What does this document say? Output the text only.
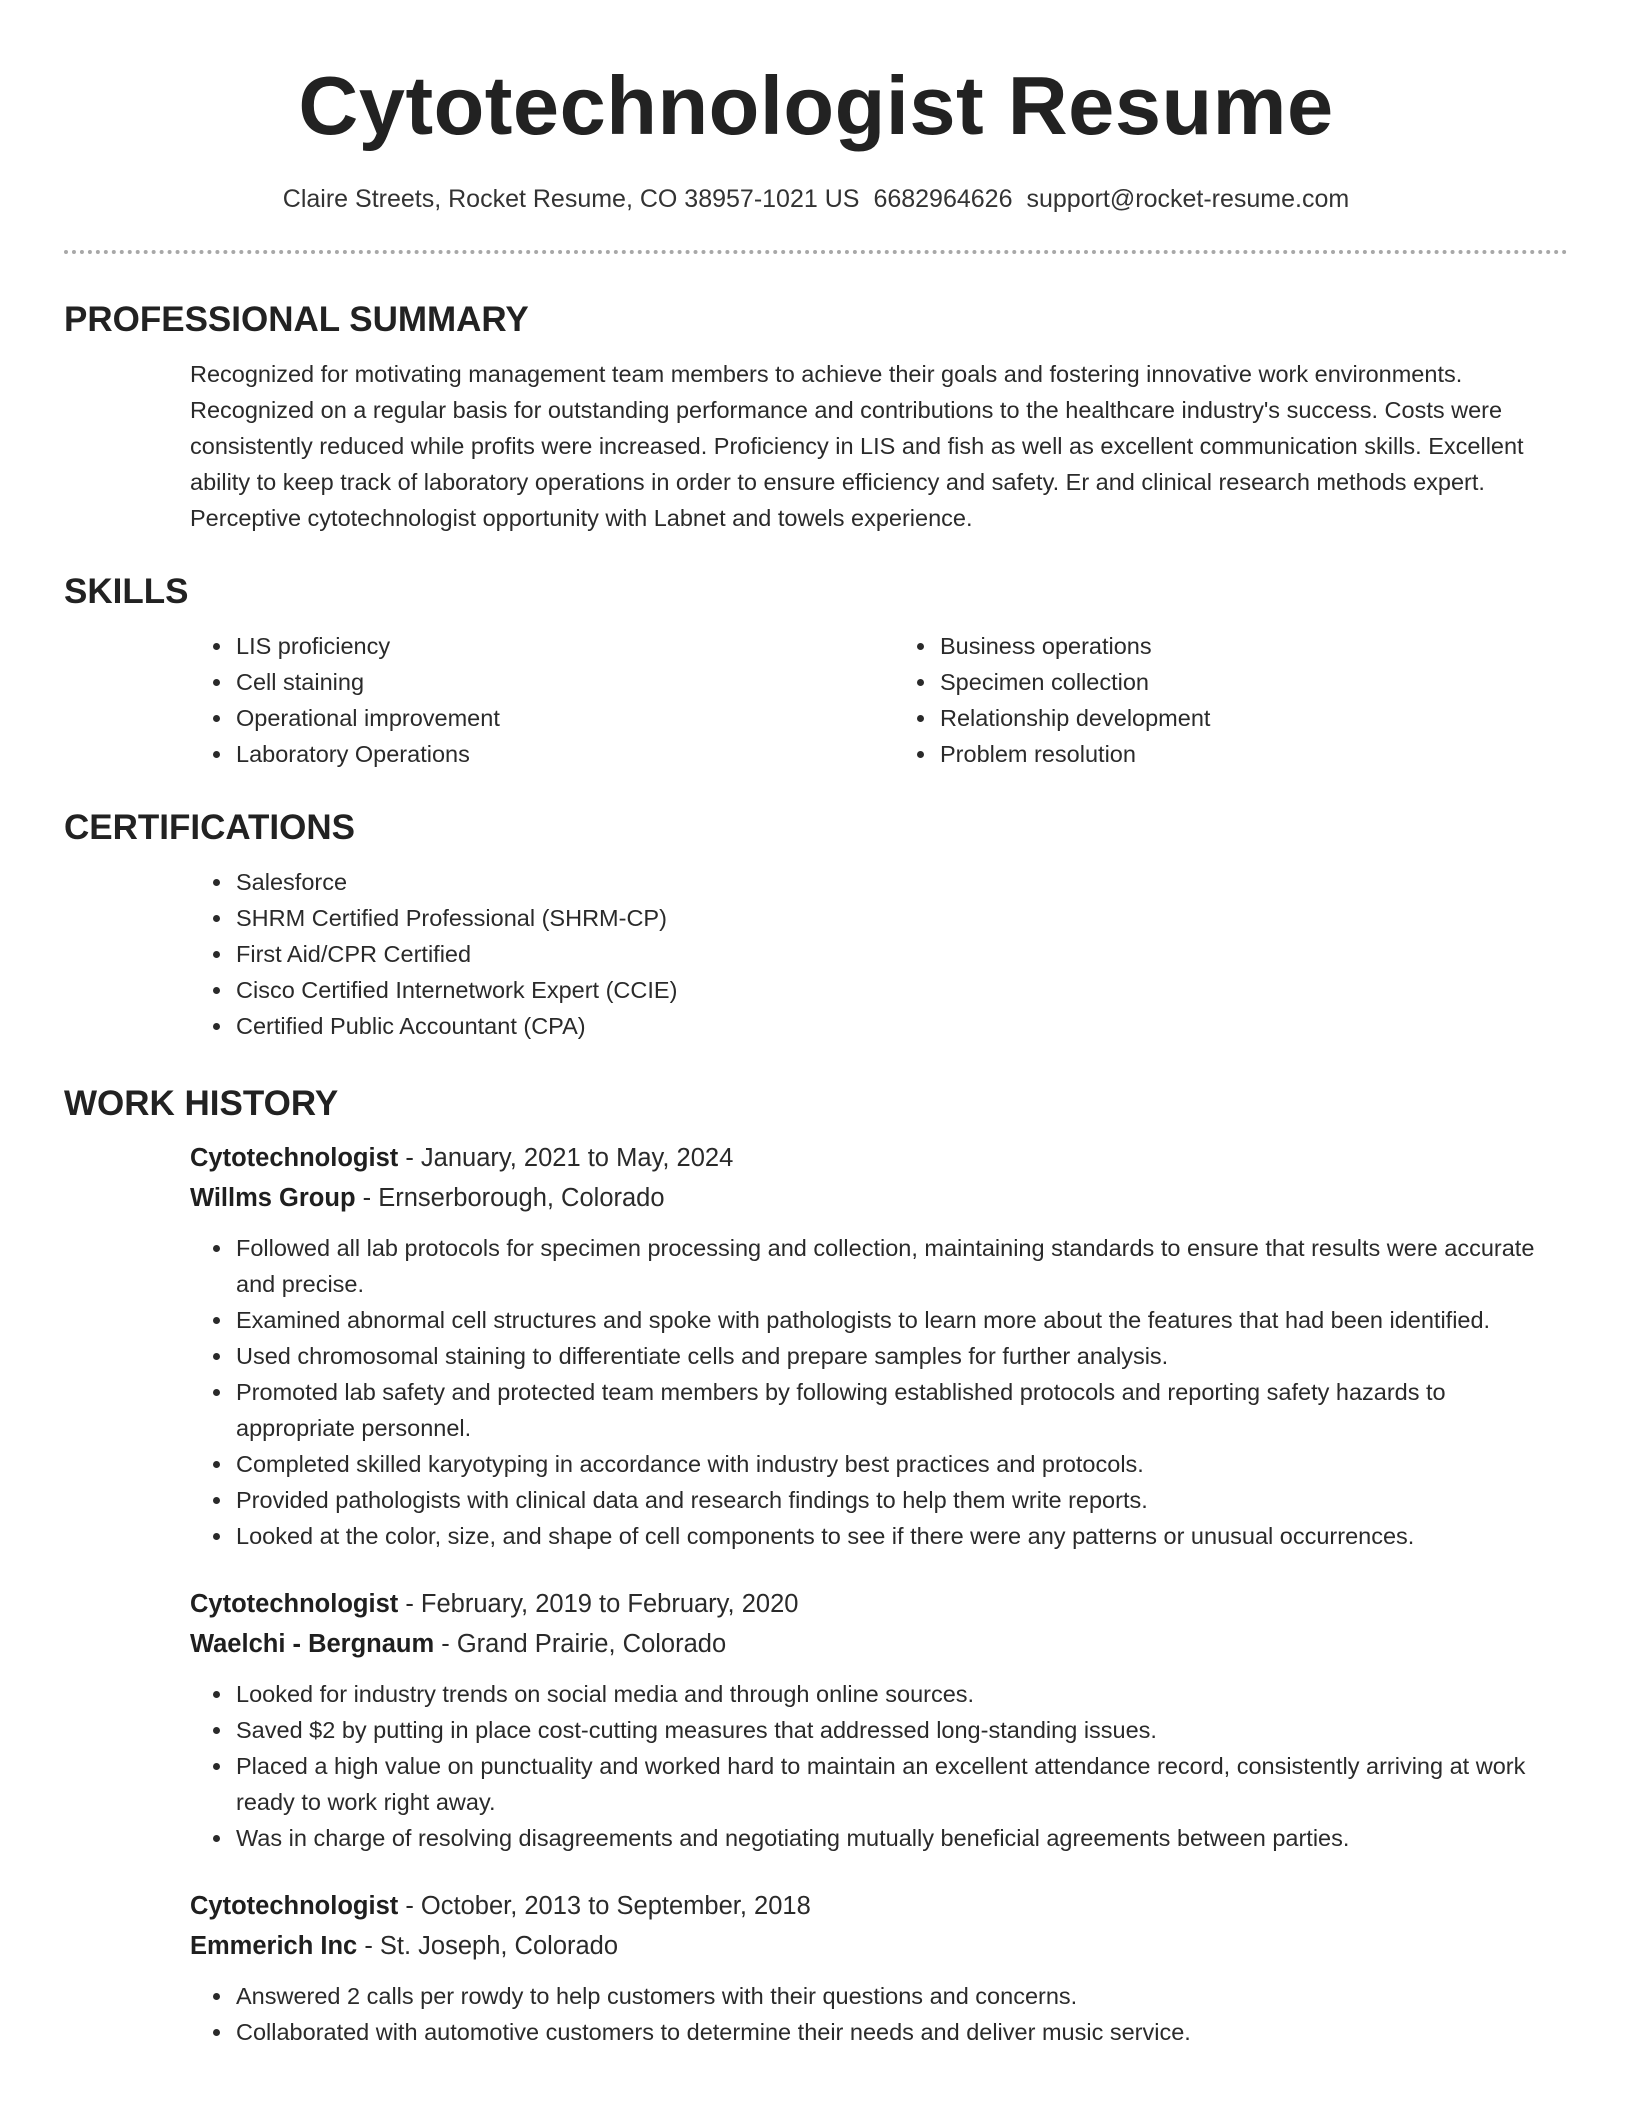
Cytotechnologist Resume
Claire Streets, Rocket Resume, CO 38957-1021 US 6682964626 support@rocket-resume.com
PROFESSIONAL SUMMARY
Recognized for motivating management team members to achieve their goals and fostering innovative work environments. Recognized on a regular basis for outstanding performance and contributions to the healthcare industry's success. Costs were consistently reduced while profits were increased. Proficiency in LIS and fish as well as excellent communication skills. Excellent ability to keep track of laboratory operations in order to ensure efficiency and safety. Er and clinical research methods expert. Perceptive cytotechnologist opportunity with Labnet and towels experience.
SKILLS
• LIS proficiency
• Cell staining
• Operational improvement
• Laboratory Operations
• Business operations
• Specimen collection
• Relationship development
• Problem resolution
CERTIFICATIONS
• Salesforce
• SHRM Certified Professional (SHRM-CP)
• First Aid/CPR Certified
• Cisco Certified Internetwork Expert (CCIE)
• Certified Public Accountant (CPA)
WORK HISTORY
Cytotechnologist - January, 2021 to May, 2024
Willms Group - Ernserborough, Colorado
• Followed all lab protocols for specimen processing and collection, maintaining standards to ensure that results were accurate and precise.
• Examined abnormal cell structures and spoke with pathologists to learn more about the features that had been identified.
• Used chromosomal staining to differentiate cells and prepare samples for further analysis.
• Promoted lab safety and protected team members by following established protocols and reporting safety hazards to appropriate personnel.
• Completed skilled karyotyping in accordance with industry best practices and protocols.
• Provided pathologists with clinical data and research findings to help them write reports.
• Looked at the color, size, and shape of cell components to see if there were any patterns or unusual occurrences.
Cytotechnologist - February, 2019 to February, 2020
Waelchi - Bergnaum - Grand Prairie, Colorado
• Looked for industry trends on social media and through online sources.
• Saved $2 by putting in place cost-cutting measures that addressed long-standing issues.
• Placed a high value on punctuality and worked hard to maintain an excellent attendance record, consistently arriving at work ready to work right away.
• Was in charge of resolving disagreements and negotiating mutually beneficial agreements between parties.
Cytotechnologist - October, 2013 to September, 2018
Emmerich Inc - St. Joseph, Colorado
• Answered 2 calls per rowdy to help customers with their questions and concerns.
• Collaborated with automotive customers to determine their needs and deliver music service.
